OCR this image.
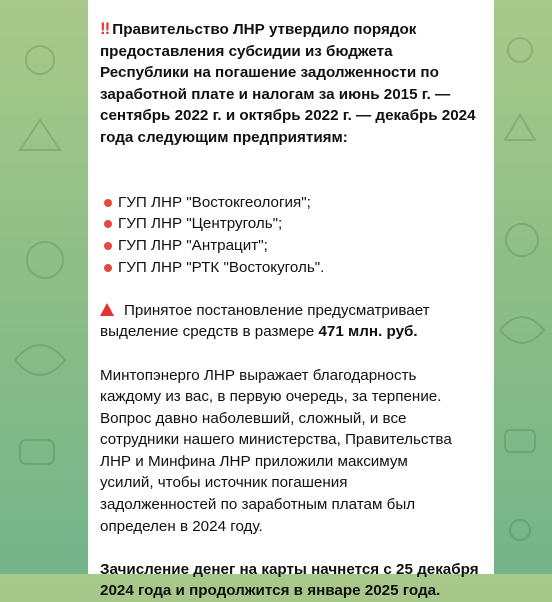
‼ Правительство ЛНР утвердило порядок
предоставления субсидии из бюджета
Республики на погашение задолженности по
заработной плате и налогам за июнь 2015 г. —
сентябрь 2022 г. и октябрь 2022 г. — декабрь 2024
года следующим предприятиям:

ГУП ЛНР "Востокгеология";
ГУП ЛНР "Центруголь";
ГУП ЛНР "Антрацит";
ГУП ЛНР "РТК "Востокуголь".

Принятое постановление предусматривает
выделение средств в размере 471 млн. руб.

Минтопэнерго ЛНР выражает благодарность
каждому из вас, в первую очередь, за терпение.
Вопрос давно наболевший, сложный, и все
сотрудники нашего министерства, Правительства
ЛНР и Минфина ЛНР приложили максимум
усилий, чтобы источник погашения
задолженностей по заработным платам был
определен в 2024 году.

Зачисление денег на карты начнется с 25 декабря
2024 года и продолжится в январе 2025 года.
